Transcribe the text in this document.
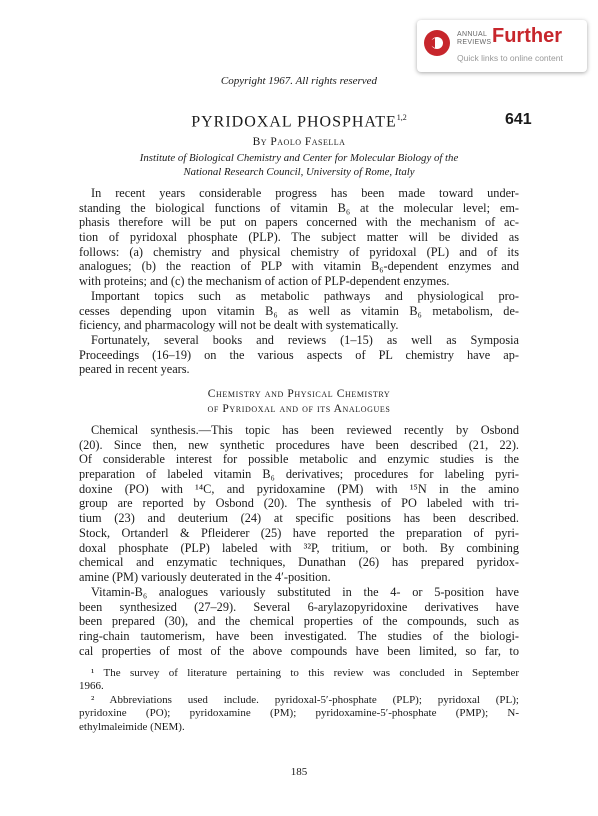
ANNUAL
REVIEWS Further
Quick links to online content
Copyright 1967. All rights reserved
PYRIDOXAL PHOSPHATE$^{1,2}$	641
By Paolo Fasella
Institute of Biological Chemistry and Center for Molecular Biology of the
National Research Council, University of Rome, Italy
In recent years considerable progress has been made toward under-
standing the biological functions of vitamin B₆ at the molecular level; em-
phasis therefore will be put on papers concerned with the mechanism of ac-
tion of pyridoxal phosphate (PLP). The subject matter will be divided as
follows: (a) chemistry and physical chemistry of pyridoxal (PL) and of its
analogues; (b) the reaction of PLP with vitamin B₆-dependent enzymes and
with proteins; and (c) the mechanism of action of PLP-dependent enzymes.
Important topics such as metabolic pathways and physiological pro-
cesses depending upon vitamin B₆ as well as vitamin B₆ metabolism, de-
ficiency, and pharmacology will not be dealt with systematically.
Fortunately, several books and reviews (1–15) as well as Symposia
Proceedings (16–19) on the various aspects of PL chemistry have ap-
peared in recent years.
Chemistry and Physical Chemistry
of Pyridoxal and of its Analogues
Chemical synthesis.—This topic has been reviewed recently by Osbond
(20). Since then, new synthetic procedures have been described (21, 22).
Of considerable interest for possible metabolic and enzymic studies is the
preparation of labeled vitamin B₆ derivatives; procedures for labeling pyri-
doxine (PO) with ¹⁴C, and pyridoxamine (PM) with ¹⁵N in the amino
group are reported by Osbond (20). The synthesis of PO labeled with tri-
tium (23) and deuterium (24) at specific positions has been described.
Stock, Ortanderl & Pfleiderer (25) have reported the preparation of pyri-
doxal phosphate (PLP) labeled with ³²P, tritium, or both. By combining
chemical and enzymatic techniques, Dunathan (26) has prepared pyridox-
amine (PM) variously deuterated in the 4′-position.
Vitamin-B₆ analogues variously substituted in the 4- or 5-position have
been synthesized (27–29). Several 6-arylazopyridoxine derivatives have
been prepared (30), and the chemical properties of the compounds, such as
ring-chain tautomerism, have been investigated. The studies of the biologi-
cal properties of most of the above compounds have been limited, so far, to
¹ The survey of literature pertaining to this review was concluded in September
1966.
² Abbreviations used include. pyridoxal-5′-phosphate (PLP); pyridoxal (PL);
pyridoxine (PO); pyridoxamine (PM); pyridoxamine-5′-phosphate (PMP); N-
ethylmaleimide (NEM).
185
